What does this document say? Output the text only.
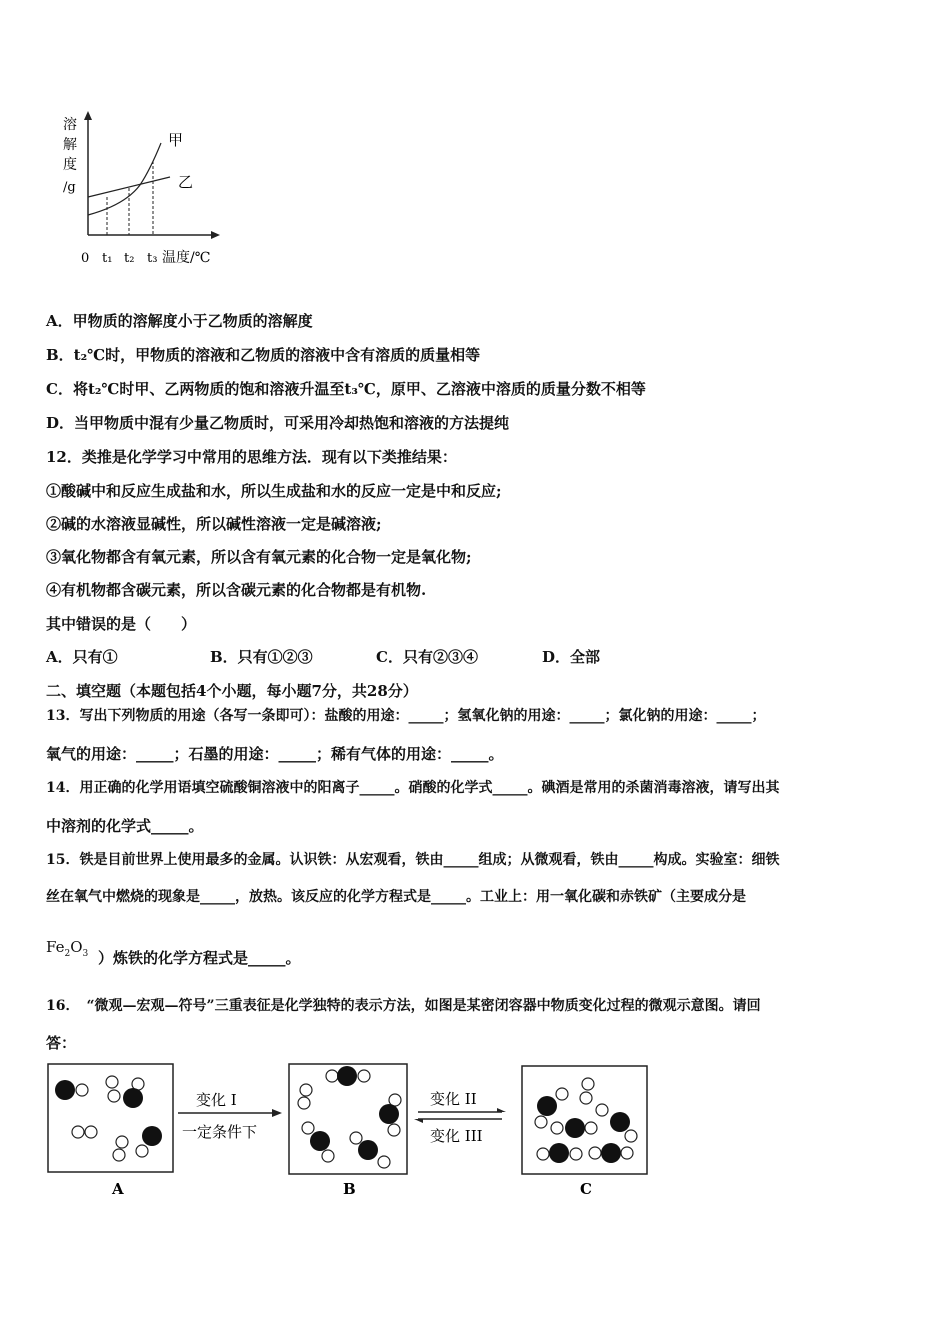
溶
解
度
/g
甲
乙
0 t₁ t₂ t₃ 温度/℃
A．甲物质的溶解度小于乙物质的溶解度
B．t₂℃时，甲物质的溶液和乙物质的溶液中含有溶质的质量相等
C．将t₂℃时甲、乙两物质的饱和溶液升温至t₃℃，原甲、乙溶液中溶质的质量分数不相等
D．当甲物质中混有少量乙物质时，可采用冷却热饱和溶液的方法提纯
12．类推是化学学习中常用的思维方法．现有以下类推结果：
①酸碱中和反应生成盐和水，所以生成盐和水的反应一定是中和反应;
②碱的水溶液显碱性，所以碱性溶液一定是碱溶液;
③氧化物都含有氧元素，所以含有氧元素的化合物一定是氧化物;
④有机物都含碳元素，所以含碳元素的化合物都是有机物.
其中错误的是（　　）
A．只有①	B．只有①②③	C．只有②③④	D．全部
二、填空题（本题包括4个小题，每小题7分，共28分）
13．写出下列物质的用途（各写一条即可）：盐酸的用途：_____；氢氧化钠的用途：_____；氯化钠的用途：_____；
氧气的用途：_____；石墨的用途：_____；稀有气体的用途：_____。
14．用正确的化学用语填空硫酸铜溶液中的阳离子_____。硝酸的化学式_____。碘酒是常用的杀菌消毒溶液，请写出其
中溶剂的化学式_____。
15．铁是目前世界上使用最多的金属。认识铁：从宏观看，铁由_____组成；从微观看，铁由_____构成。实验室：细铁
丝在氧气中燃烧的现象是_____，放热。该反应的化学方程式是_____。工业上：用一氧化碳和赤铁矿（主要成分是
$Fe_2O_3$ ）炼铁的化学方程式是_____。
16．　“微观—宏观—符号”三重表征是化学独特的表示方法，如图是某密闭容器中物质变化过程的微观示意图。请回
答：
变化 I
一定条件下
变化 II
变化 III
A	B	C
